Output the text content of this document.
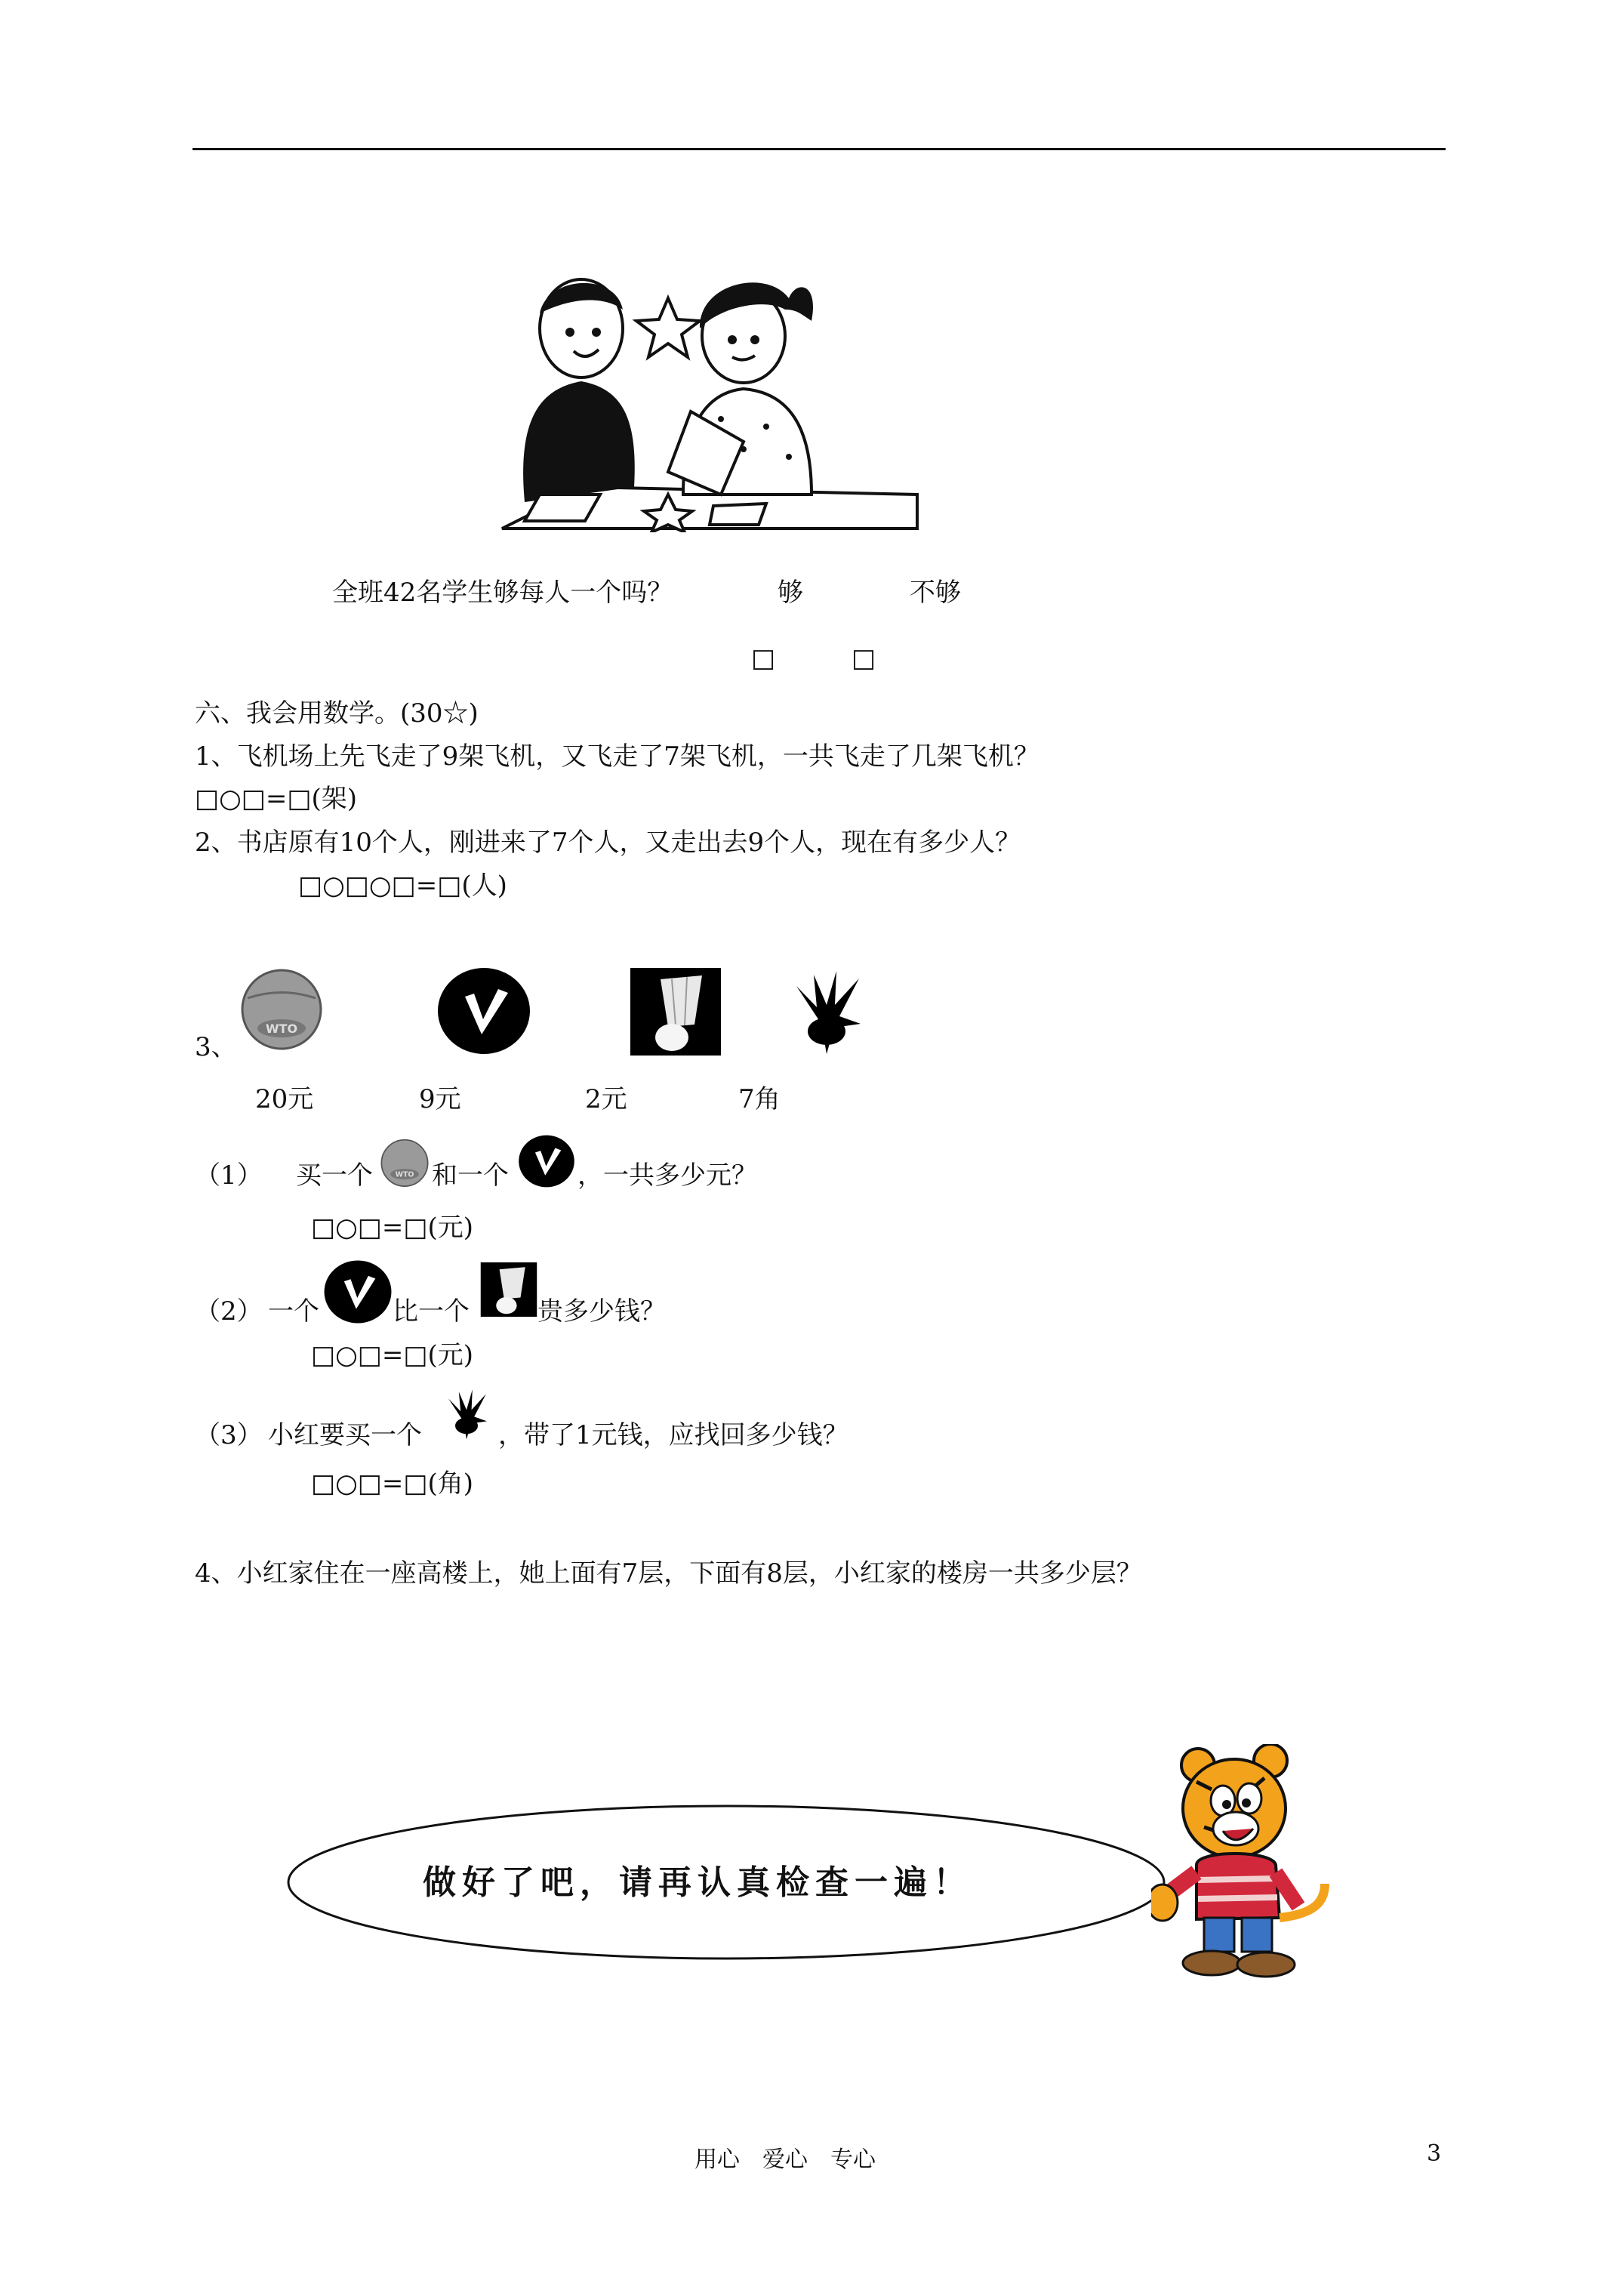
全班42名学生够每人一个吗？	够	不够
□	□
六、我会用数学。(30☆)
1、飞机场上先飞走了9架飞机，又飞走了7架飞机，一共飞走了几架飞机？
□○□=□(架)
2、书店原有10个人，刚进来了7个人，又走出去9个人，现在有多少人？
□○□○□=□(人)
3、
WTO
20元	9元	2元	7角
（1） 买一个 WTO 和一个	，一共多少元？
□○□=□(元)
（2） 一个	比一个	贵多少钱？
□○□=□(元)
（3） 小红要买一个	，带了1元钱，应找回多少钱？
□○□=□(角)
4、小红家住在一座高楼上，她上面有7层，下面有8层，小红家的楼房一共多少层？
做好了吧，请再认真检查一遍！
用心　爱心　专心	3
